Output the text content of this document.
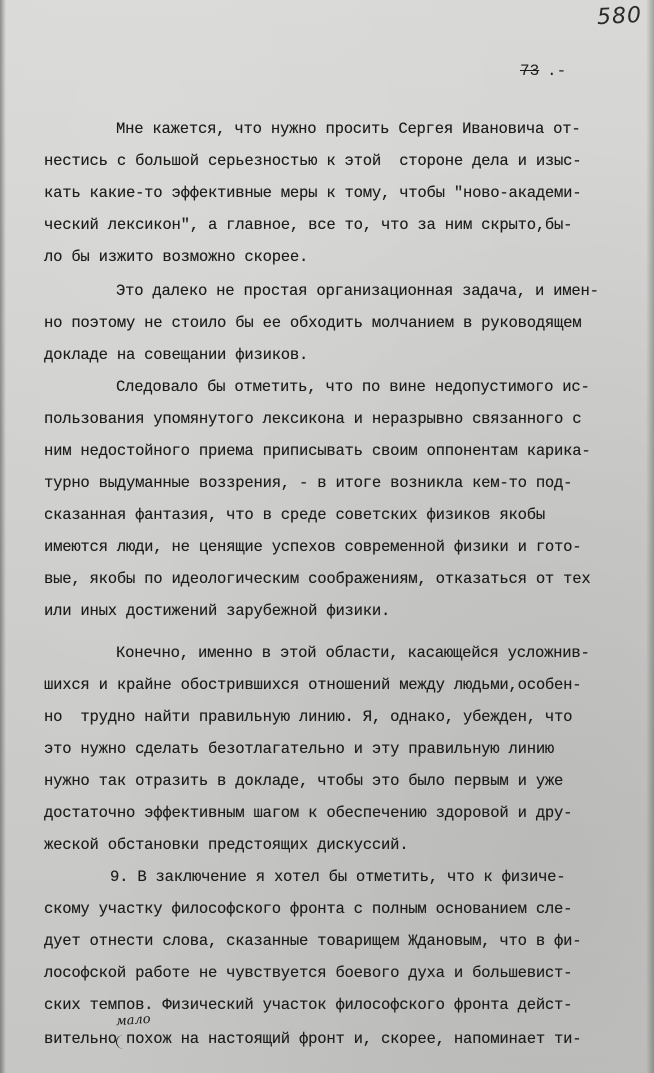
580
73 .-
Мне кажется, что нужно просить Сергея Ивановича от-
нестись с большой серьезностью к этой  стороне дела и изыс-
кать какие-то эффективные меры к тому, чтобы "ново-академи-
ческий лексикон", а главное, все то, что за ним скрыто,бы-
ло бы изжито возможно скорее.
Это далеко не простая организационная задача, и имен-
но поэтому не стоило бы ее обходить молчанием в руководящем
докладе на совещании физиков.
Следовало бы отметить, что по вине недопустимого ис-
пользования упомянутого лексикона и неразрывно связанного с
ним недостойного приема приписывать своим оппонентам карика-
турно выдуманные воззрения, - в итоге возникла кем-то под-
сказанная фантазия, что в среде советских физиков якобы
имеются люди, не ценящие успехов современной физики и гото-
вые, якобы по идеологическим соображениям, отказаться от тех
или иных достижений зарубежной физики.
Конечно, именно в этой области, касающейся усложнив-
шихся и крайне обострившихся отношений между людьми,особен-
но  трудно найти правильную линию. Я, однако, убежден, что
это нужно сделать безотлагательно и эту правильную линию
нужно так отразить в докладе, чтобы это было первым и уже
достаточно эффективным шагом к обеспечению здоровой и дру-
жеской обстановки предстоящих дискуссий.
9. В заключение я хотел бы отметить, что к физиче-
скому участку философского фронта с полным основанием сле-
дует отнести слова, сказанные товарищем Ждановым, что в фи-
лософской работе не чувствуется боевого духа и большевист-
ских темпов. Физический участок философского фронта дейст-
вительно похож на настоящий фронт и, скорее, напоминает ти-
мало
